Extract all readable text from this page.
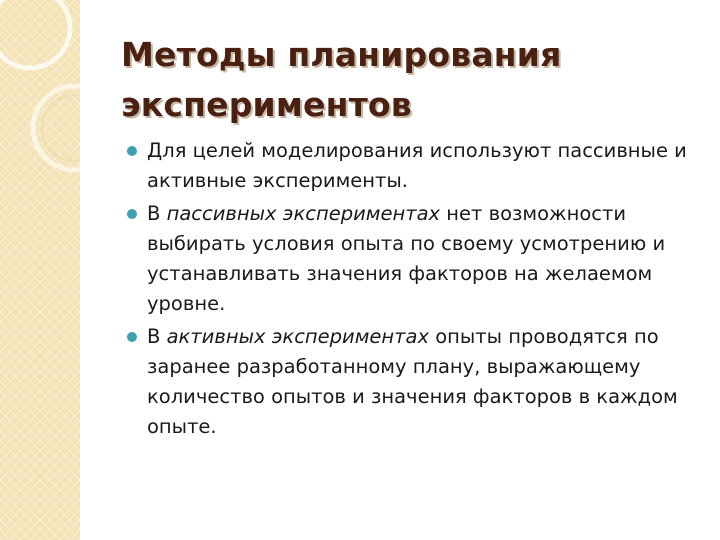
Методы планирования
экспериментов
Для целей моделирования используют пассивные и активные эксперименты.
В пассивных экспериментах нет возможности выбирать условия опыта по своему усмотрению и устанавливать значения факторов на желаемом уровне.
В активных экспериментах опыты проводятся по заранее разработанному плану, выражающему количество опытов и значения факторов в каждом опыте.
